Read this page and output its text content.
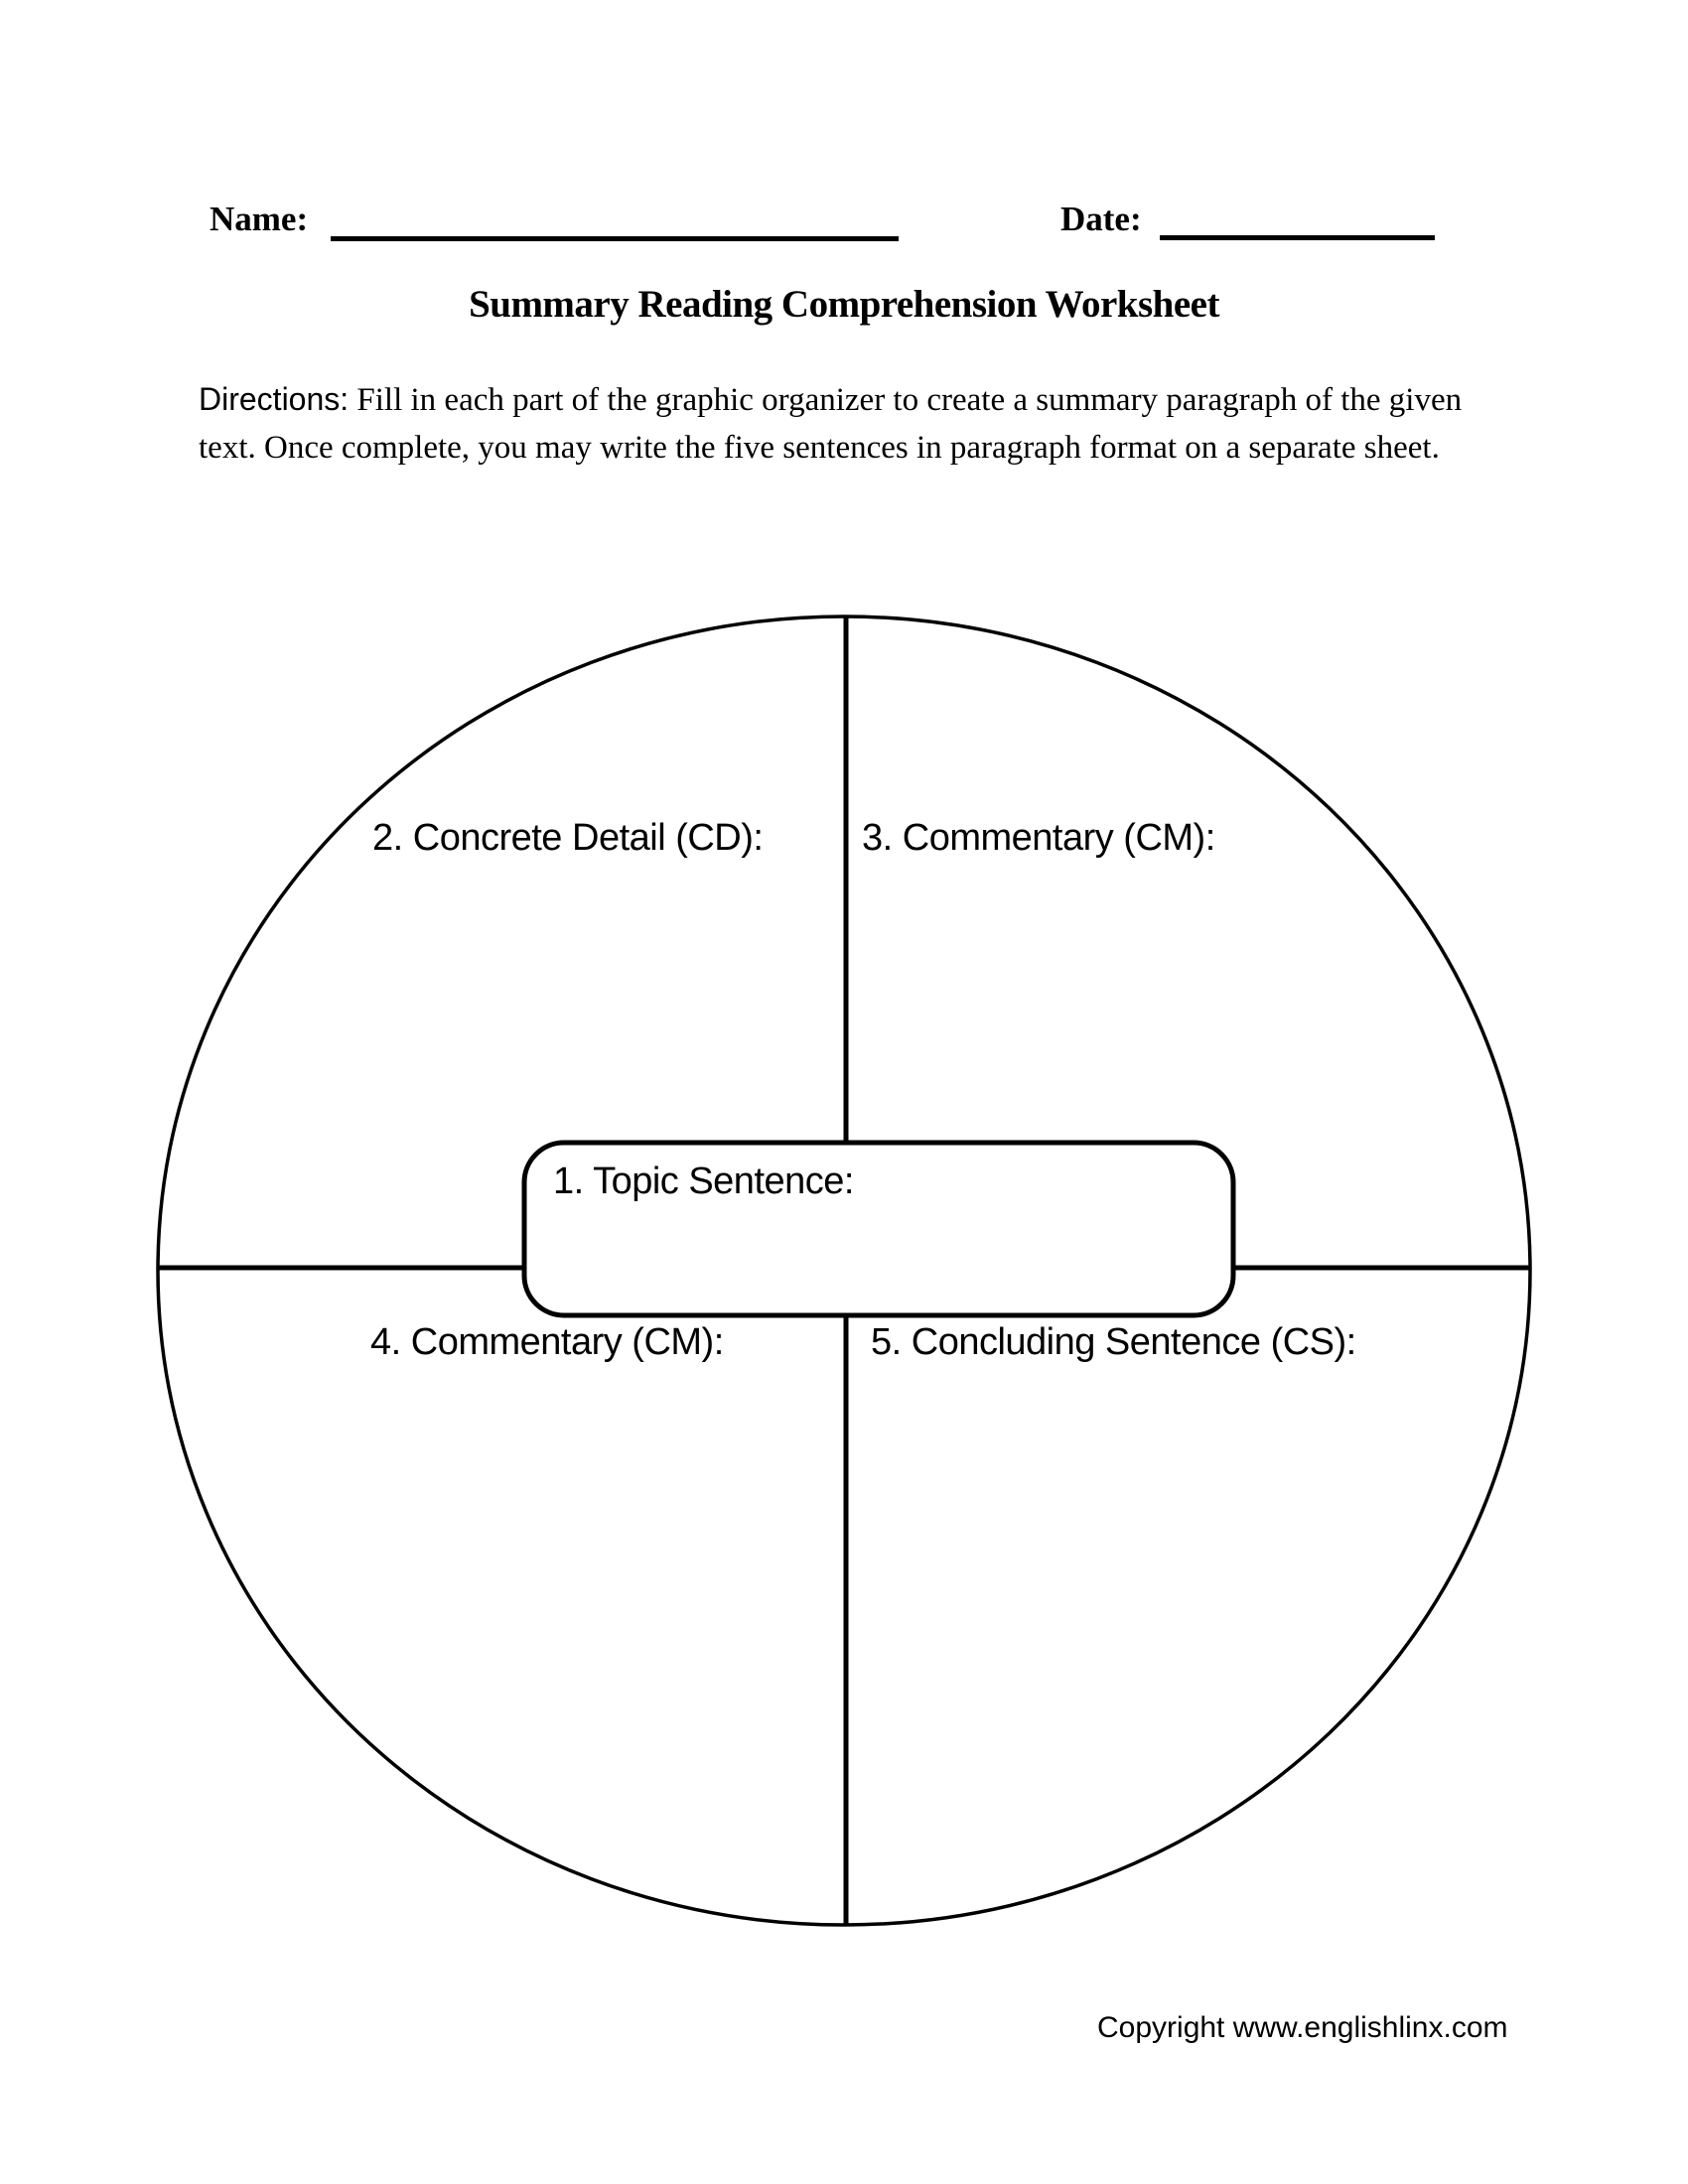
Name:	Date:
Summary Reading Comprehension Worksheet
Directions: Fill in each part of the graphic organizer to create a summary paragraph of the given text. Once complete, you may write the five sentences in paragraph format on a separate sheet.
2. Concrete Detail (CD):	3. Commentary (CM):
1. Topic Sentence:
4. Commentary (CM):	5. Concluding Sentence (CS):
Copyright www.englishlinx.com
